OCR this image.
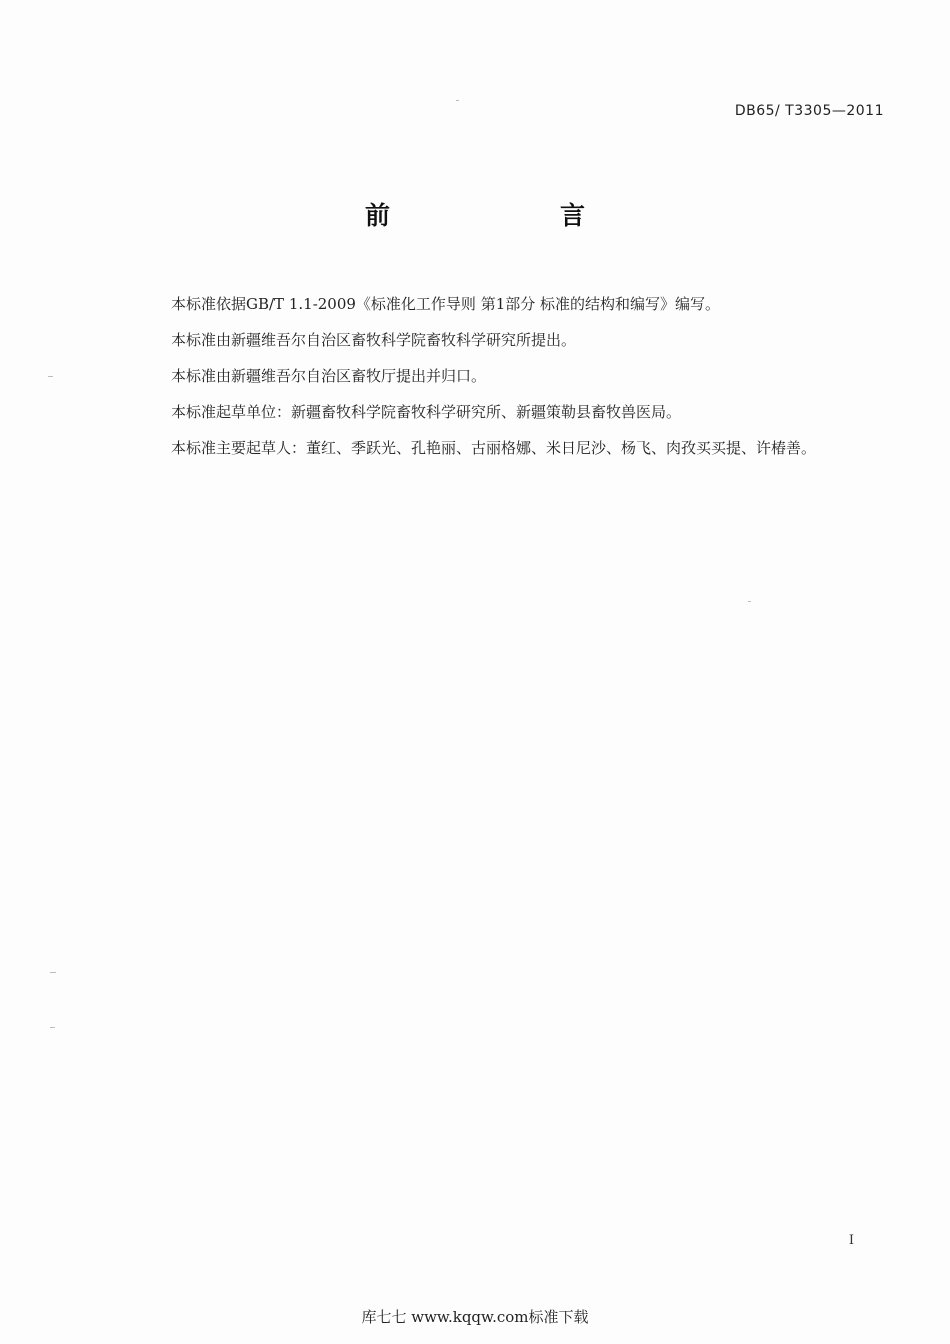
DB65/ T3305—2011
前　　言
本标准依据GB/T 1.1-2009《标准化工作导则 第1部分 标准的结构和编写》编写。
本标准由新疆维吾尔自治区畜牧科学院畜牧科学研究所提出。
本标准由新疆维吾尔自治区畜牧厅提出并归口。
本标准起草单位：新疆畜牧科学院畜牧科学研究所、新疆策勒县畜牧兽医局。
本标准主要起草人：董红、季跃光、孔艳丽、古丽格娜、米日尼沙、杨飞、肉孜买买提、许椿善。
I
库七七 www.kqqw.com标准下载
